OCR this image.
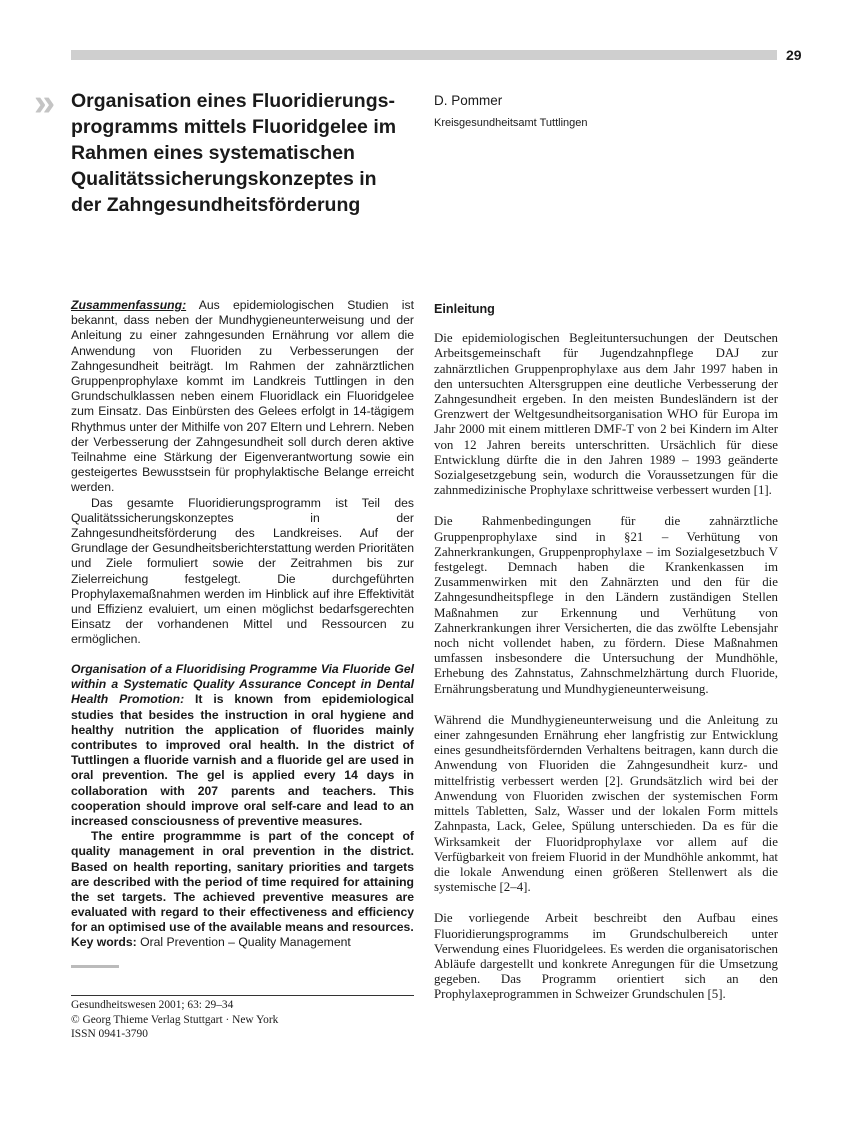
29
» Organisation eines Fluoridierungs-
programms mittels Fluoridgelee im
Rahmen eines systematischen
Qualitätssicherungskonzeptes in
der Zahngesundheitsförderung
D. Pommer
Kreisgesundheitsamt Tuttlingen

Zusammenfassung: Aus epidemiologischen Studien ist bekannt, dass neben der Mundhygieneunterweisung und der Anleitung zu einer zahngesunden Ernährung vor allem die Anwendung von Fluoriden zu Verbesserungen der Zahngesundheit beiträgt. Im Rahmen der zahnärztlichen Gruppenprophylaxe kommt im Landkreis Tuttlingen in den Grundschulklassen neben einem Fluoridlack ein Fluoridgelee zum Einsatz. Das Einbürsten des Gelees erfolgt in 14-tägigem Rhythmus unter der Mithilfe von 207 Eltern und Lehrern. Neben der Verbesserung der Zahngesundheit soll durch deren aktive Teilnahme eine Stärkung der Eigenverantwortung sowie ein gesteigertes Bewusstsein für prophylaktische Belange erreicht werden.

Das gesamte Fluoridierungsprogramm ist Teil des Qualitätssicherungskonzeptes in der Zahngesundheitsförderung des Landkreises. Auf der Grundlage der Gesundheitsberichterstattung werden Prioritäten und Ziele formuliert sowie der Zeitrahmen bis zur Zielerreichung festgelegt. Die durchgeführten Prophylaxemaßnahmen werden im Hinblick auf ihre Effektivität und Effizienz evaluiert, um einen möglichst bedarfsgerechten Einsatz der vorhandenen Mittel und Ressourcen zu ermöglichen.

Organisation of a Fluoridising Programme Via Fluoride Gel within a Systematic Quality Assurance Concept in Dental Health Promotion: It is known from epidemiological studies that besides the instruction in oral hygiene and healthy nutrition the application of fluorides mainly contributes to improved oral health. In the district of Tuttlingen a fluoride varnish and a fluoride gel are used in oral prevention. The gel is applied every 14 days in collaboration with 207 parents and teachers. This cooperation should improve oral self-care and lead to an increased consciousness of preventive measures.

The entire programmme is part of the concept of quality management in oral prevention in the district. Based on health reporting, sanitary priorities and targets are described with the period of time required for attaining the set targets. The achieved preventive measures are evaluated with regard to their effectiveness and efficiency for an optimised use of the available means and resources.

Key words: Oral Prevention – Quality Management

Gesundheitswesen 2001; 63: 29–34
© Georg Thieme Verlag Stuttgart · New York
ISSN 0941-3790
Einleitung

Die epidemiologischen Begleituntersuchungen der Deutschen Arbeitsgemeinschaft für Jugendzahnpflege DAJ zur zahnärztlichen Gruppenprophylaxe aus dem Jahr 1997 haben in den untersuchten Altersgruppen eine deutliche Verbesserung der Zahngesundheit ergeben. In den meisten Bundesländern ist der Grenzwert der Weltgesundheitsorganisation WHO für Europa im Jahr 2000 mit einem mittleren DMF-T von 2 bei Kindern im Alter von 12 Jahren bereits unterschritten. Ursächlich für diese Entwicklung dürfte die in den Jahren 1989 – 1993 geänderte Sozialgesetzgebung sein, wodurch die Voraussetzungen für die zahnmedizinische Prophylaxe schrittweise verbessert wurden [1].

Die Rahmenbedingungen für die zahnärztliche Gruppenprophylaxe sind in §21 – Verhütung von Zahnerkrankungen, Gruppenprophylaxe – im Sozialgesetzbuch V festgelegt. Demnach haben die Krankenkassen im Zusammenwirken mit den Zahnärzten und den für die Zahngesundheitspflege in den Ländern zuständigen Stellen Maßnahmen zur Erkennung und Verhütung von Zahnerkrankungen ihrer Versicherten, die das zwölfte Lebensjahr noch nicht vollendet haben, zu fördern. Diese Maßnahmen umfassen insbesondere die Untersuchung der Mundhöhle, Erhebung des Zahnstatus, Zahnschmelzhärtung durch Fluoride, Ernährungsberatung und Mundhygieneunterweisung.

Während die Mundhygieneunterweisung und die Anleitung zu einer zahngesunden Ernährung eher langfristig zur Entwicklung eines gesundheitsfördernden Verhaltens beitragen, kann durch die Anwendung von Fluoriden die Zahngesundheit kurz- und mittelfristig verbessert werden [2]. Grundsätzlich wird bei der Anwendung von Fluoriden zwischen der systemischen Form mittels Tabletten, Salz, Wasser und der lokalen Form mittels Zahnpasta, Lack, Gelee, Spülung unterschieden. Da es für die Wirksamkeit der Fluoridprophylaxe vor allem auf die Verfügbarkeit von freiem Fluorid in der Mundhöhle ankommt, hat die lokale Anwendung einen größeren Stellenwert als die systemische [2–4].

Die vorliegende Arbeit beschreibt den Aufbau eines Fluoridierungsprogramms im Grundschulbereich unter Verwendung eines Fluoridgelees. Es werden die organisatorischen Abläufe dargestellt und konkrete Anregungen für die Umsetzung gegeben. Das Programm orientiert sich an den Prophylaxeprogrammen in Schweizer Grundschulen [5].
